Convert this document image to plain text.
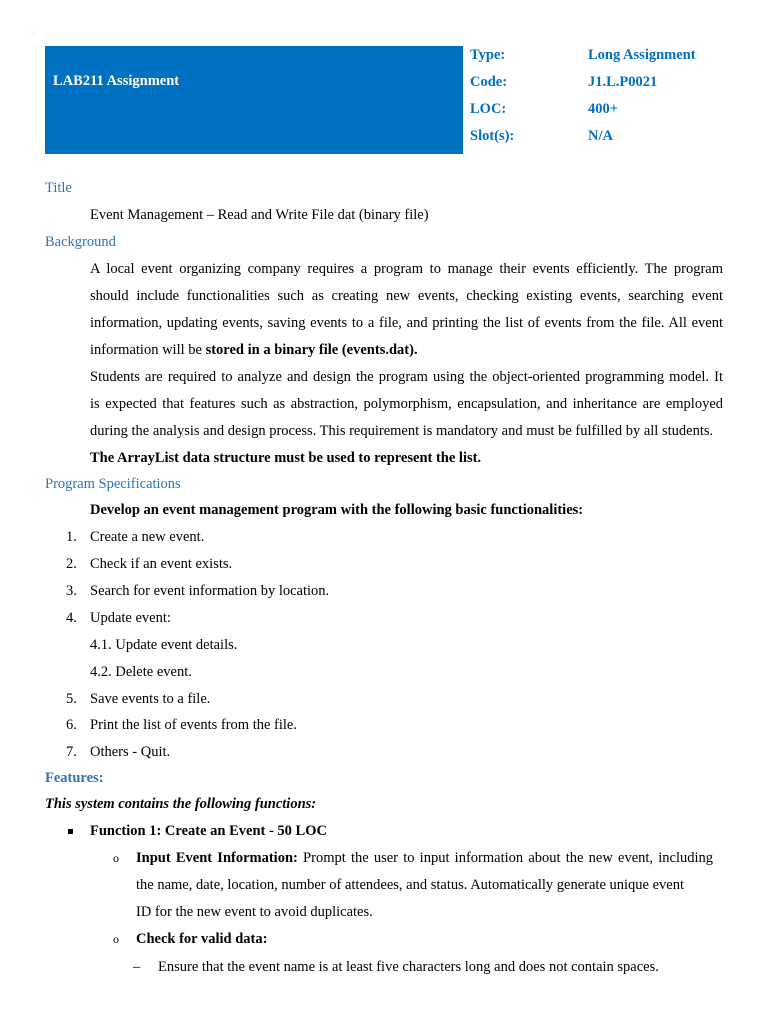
LAB211 Assignment
Type:	Long Assignment
Code:	J1.L.P0021
LOC:	400+
Slot(s):	N/A
Title
Event Management – Read and Write File dat (binary file)
Background
A local event organizing company requires a program to manage their events efficiently. The program
should include functionalities such as creating new events, checking existing events, searching event
information, updating events, saving events to a file, and printing the list of events from the file. All event
information will be stored in a binary file (events.dat).
Students are required to analyze and design the program using the object-oriented programming model. It
is expected that features such as abstraction, polymorphism, encapsulation, and inheritance are employed
during the analysis and design process. This requirement is mandatory and must be fulfilled by all students.
The ArrayList data structure must be used to represent the list.
Program Specifications
Develop an event management program with the following basic functionalities:
1. Create a new event.
2. Check if an event exists.
3. Search for event information by location.
4. Update event:
4.1. Update event details.
4.2. Delete event.
5. Save events to a file.
6. Print the list of events from the file.
7. Others - Quit.
Features:
This system contains the following functions:
Function 1: Create an Event - 50 LOC
o Input Event Information: Prompt the user to input information about the new event, including
the name, date, location, number of attendees, and status. Automatically generate unique event
ID for the new event to avoid duplicates.
o Check for valid data:
– Ensure that the event name is at least five characters long and does not contain spaces.
